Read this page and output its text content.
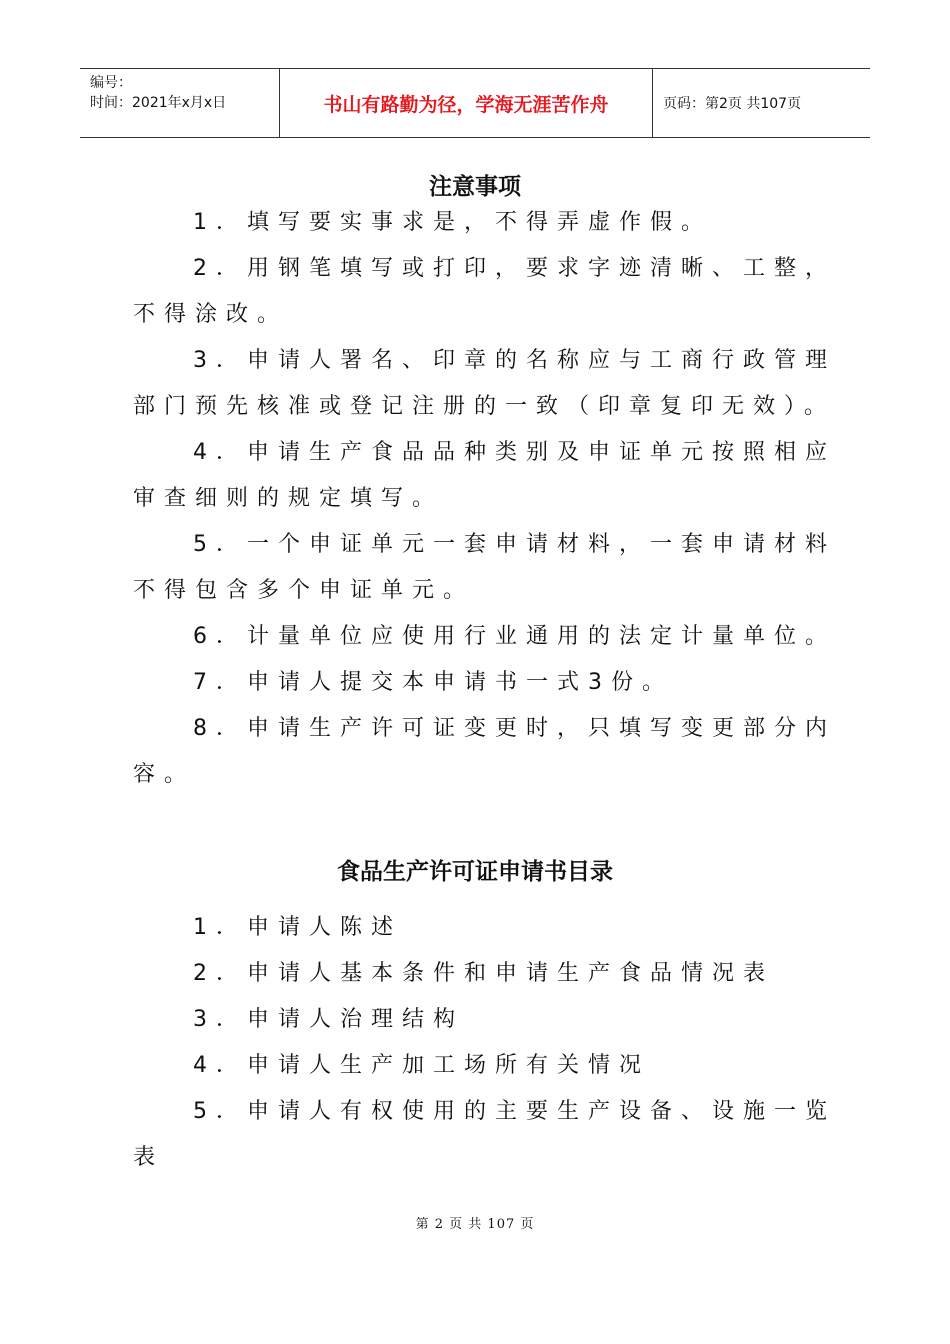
编号：
时间：2021年x月x日	书山有路勤为径，学海无涯苦作舟	页码：第2页 共107页
注意事项
1．填写要实事求是，不得弄虚作假。
2．用钢笔填写或打印，要求字迹清晰、工整，
不得涂改。
3．申请人署名、印章的名称应与工商行政管理
部门预先核准或登记注册的一致（印章复印无效）。
4．申请生产食品品种类别及申证单元按照相应
审查细则的规定填写。
5．一个申证单元一套申请材料，一套申请材料
不得包含多个申证单元。
6．计量单位应使用行业通用的法定计量单位。
7．申请人提交本申请书一式3份。
8．申请生产许可证变更时，只填写变更部分内
容。
食品生产许可证申请书目录
1．申请人陈述
2．申请人基本条件和申请生产食品情况表
3．申请人治理结构
4．申请人生产加工场所有关情况
5．申请人有权使用的主要生产设备、设施一览
表
第 2 页 共 107 页
